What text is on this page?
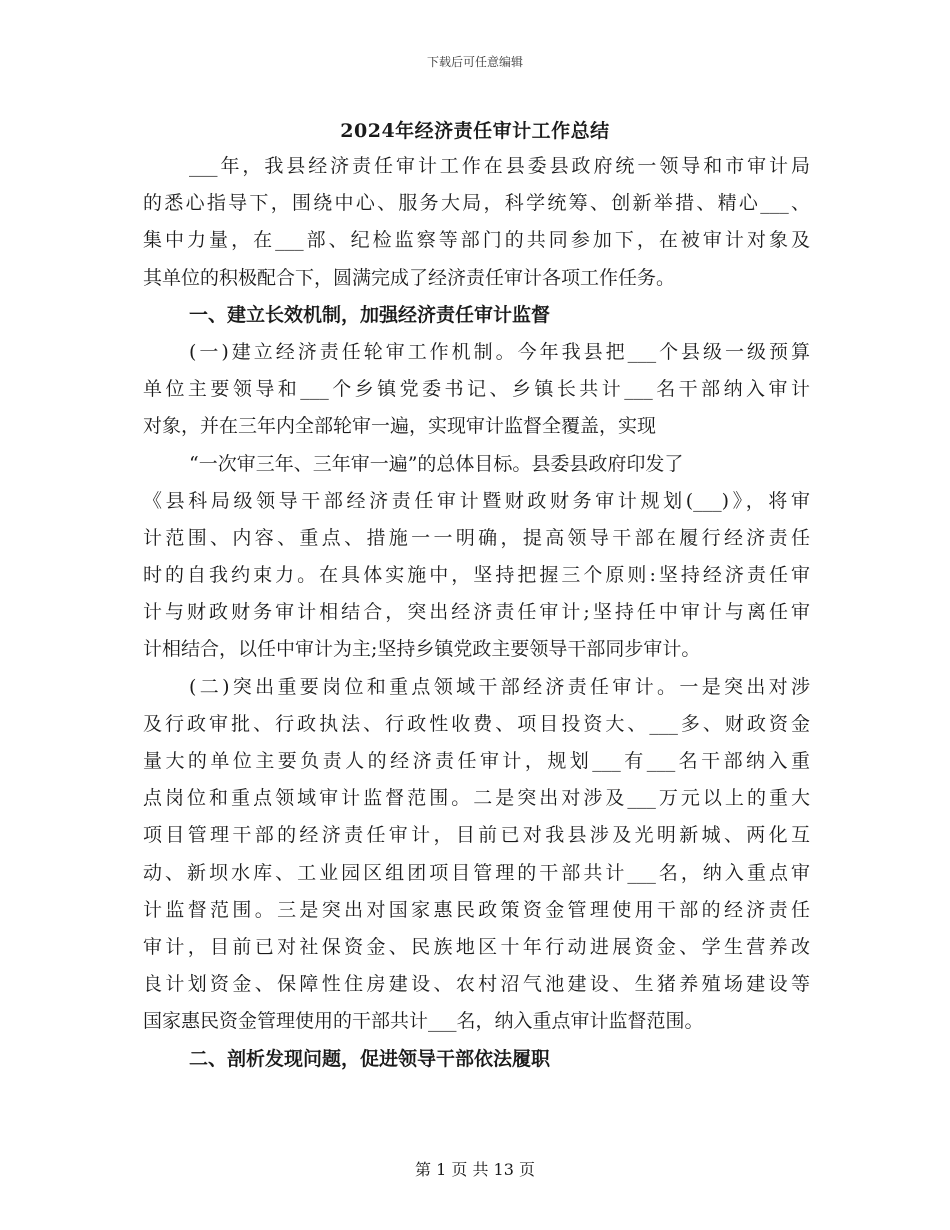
下载后可任意编辑
2024年经济责任审计工作总结
___年，我县经济责任审计工作在县委县政府统一领导和市审计局
的悉心指导下，围绕中心、服务大局，科学统筹、创新举措、精心___、
集中力量，在___部、纪检监察等部门的共同参加下，在被审计对象及
其单位的积极配合下，圆满完成了经济责任审计各项工作任务。
一、建立长效机制，加强经济责任审计监督
(一)建立经济责任轮审工作机制。今年我县把___个县级一级预算
单位主要领导和___个乡镇党委书记、乡镇长共计___名干部纳入审计
对象，并在三年内全部轮审一遍，实现审计监督全覆盖，实现
“一次审三年、三年审一遍”的总体目标。县委县政府印发了
《县科局级领导干部经济责任审计暨财政财务审计规划(___)》，将审
计范围、内容、重点、措施一一明确，提高领导干部在履行经济责任
时的自我约束力。在具体实施中，坚持把握三个原则:坚持经济责任审
计与财政财务审计相结合，突出经济责任审计;坚持任中审计与离任审
计相结合，以任中审计为主;坚持乡镇党政主要领导干部同步审计。
(二)突出重要岗位和重点领域干部经济责任审计。一是突出对涉
及行政审批、行政执法、行政性收费、项目投资大、___多、财政资金
量大的单位主要负责人的经济责任审计，规划___有___名干部纳入重
点岗位和重点领域审计监督范围。二是突出对涉及___万元以上的重大
项目管理干部的经济责任审计，目前已对我县涉及光明新城、两化互
动、新坝水库、工业园区组团项目管理的干部共计___名，纳入重点审
计监督范围。三是突出对国家惠民政策资金管理使用干部的经济责任
审计，目前已对社保资金、民族地区十年行动进展资金、学生营养改
良计划资金、保障性住房建设、农村沼气池建设、生猪养殖场建设等
国家惠民资金管理使用的干部共计___名，纳入重点审计监督范围。
二、剖析发现问题，促进领导干部依法履职
第 1 页 共 13 页
